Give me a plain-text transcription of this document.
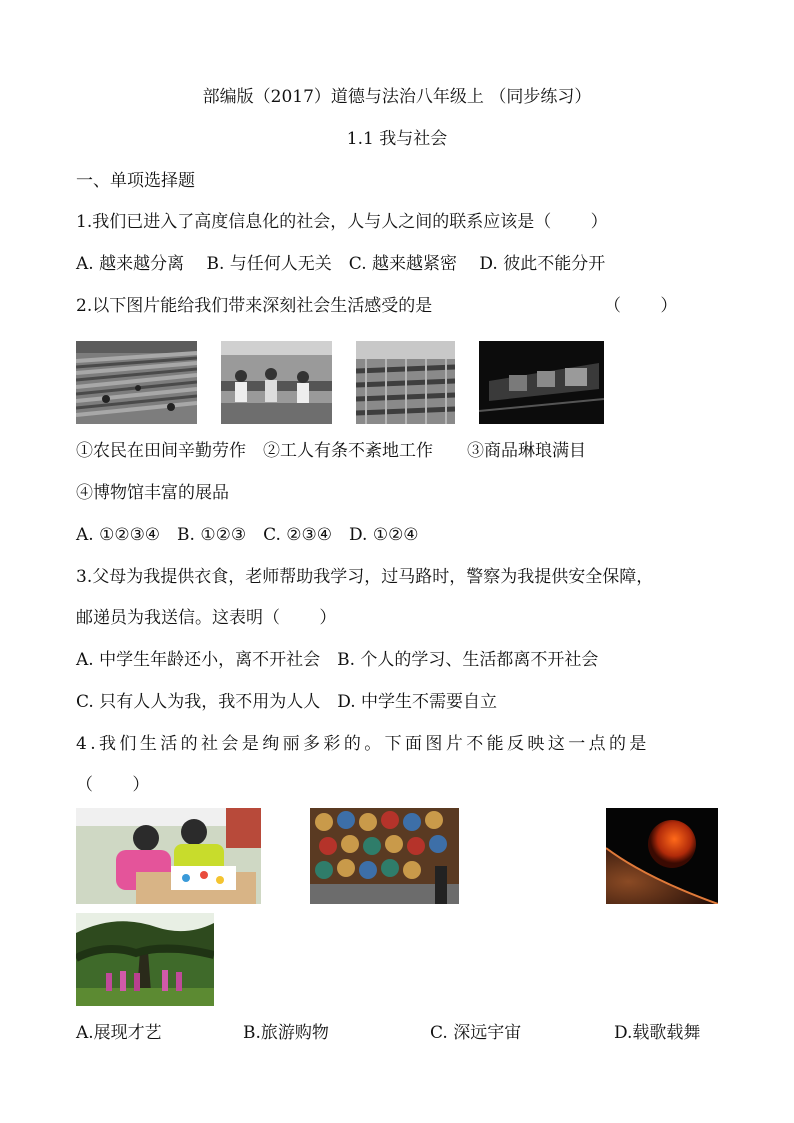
部编版（2017）道德与法治八年级上 （同步练习）
1.1 我与社会
一、单项选择题
1.我们已进入了高度信息化的社会，人与人之间的联系应该是（　　 ）
A. 越来越分离　 B. 与任何人无关　C. 越来越紧密　 D. 彼此不能分开
2.以下图片能给我们带来深刻社会生活感受的是	（　　 ）
①农民在田间辛勤劳作　②工人有条不紊地工作　　③商品琳琅满目
④博物馆丰富的展品
A. ①②③④　B. ①②③　C. ②③④　D. ①②④
3.父母为我提供衣食，老师帮助我学习，过马路时，警察为我提供安全保障，
邮递员为我送信。这表明（　　 ）
A. 中学生年龄还小，离不开社会　B. 个人的学习、生活都离不开社会
C. 只有人人为我，我不用为人人　D. 中学生不需要自立
4.我们生活的社会是绚丽多彩的。下面图片不能反映这一点的是
（　　 ）
A.展现才艺	B.旅游购物	C. 深远宇宙	D.载歌载舞
